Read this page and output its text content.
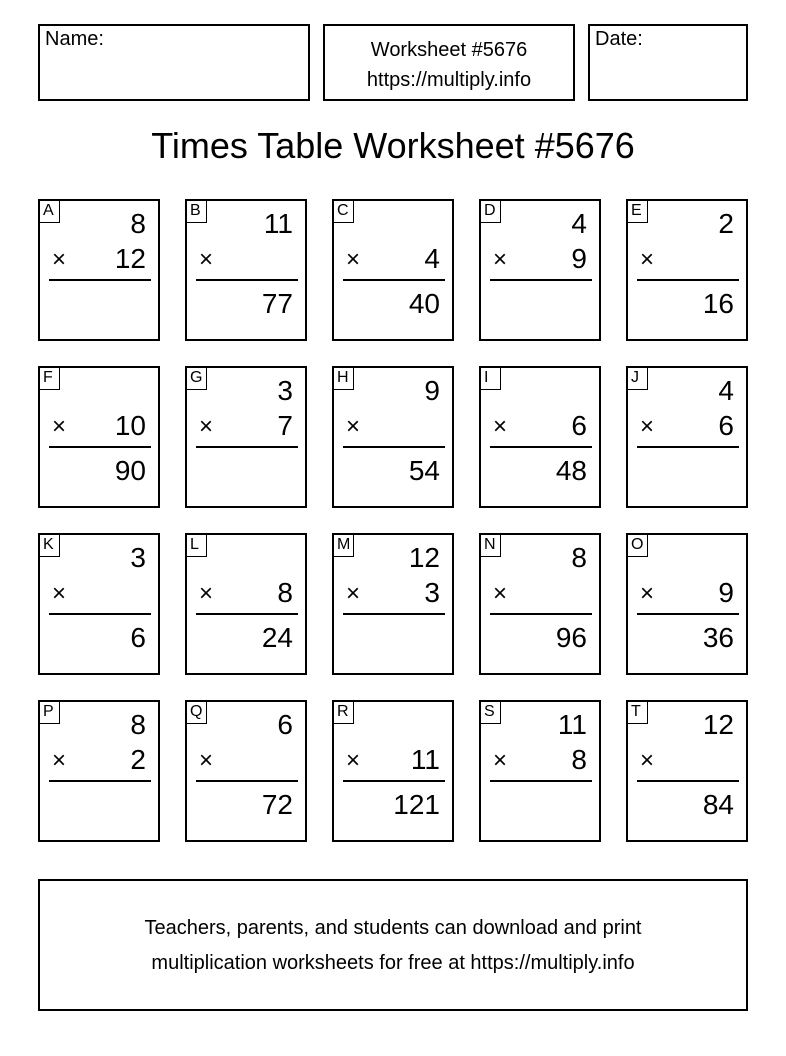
Name:	Worksheet #5676
https://multiply.info
Date:
Times Table Worksheet #5676
A	8
× 12
B 11
×
77
C
× 4
40
D	4
× 9
E	2
×
16
F
× 10
90
G	3
× 7
H	9
×
54
I
× 6
48
J	4
× 6
K	3
×
6
L
× 8
24
M 12
× 3
N	8
×
96
O
× 9
36
P	8
× 2
Q	6
×
72
R
× 11
121
S 11
× 8
T 12
×
84
Teachers, parents, and students can download and print
multiplication worksheets for free at https://multiply.info
